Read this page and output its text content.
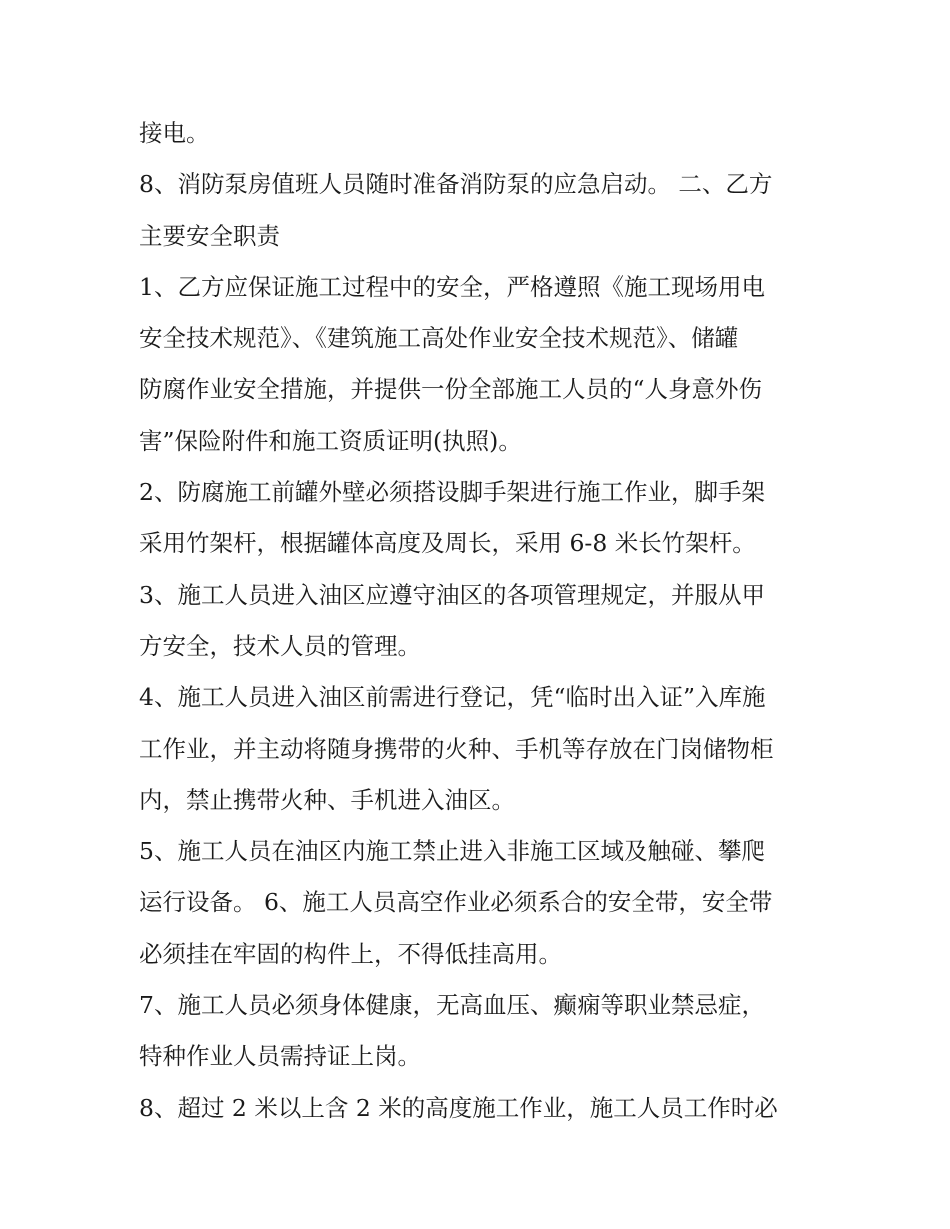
接电。
8、消防泵房值班人员随时准备消防泵的应急启动。 二、乙方
主要安全职责
1、乙方应保证施工过程中的安全，严格遵照《施工现场用电
安全技术规范》、《建筑施工高处作业安全技术规范》、储罐
防腐作业安全措施，并提供一份全部施工人员的“人身意外伤
害”保险附件和施工资质证明(执照)。
2、防腐施工前罐外壁必须搭设脚手架进行施工作业，脚手架
采用竹架杆，根据罐体高度及周长，采用 6-8 米长竹架杆。
3、施工人员进入油区应遵守油区的各项管理规定，并服从甲
方安全，技术人员的管理。
4、施工人员进入油区前需进行登记，凭“临时出入证”入库施
工作业，并主动将随身携带的火种、手机等存放在门岗储物柜
内，禁止携带火种、手机进入油区。
5、施工人员在油区内施工禁止进入非施工区域及触碰、攀爬
运行设备。 6、施工人员高空作业必须系合的安全带，安全带
必须挂在牢固的构件上，不得低挂高用。
7、施工人员必须身体健康，无高血压、癫痫等职业禁忌症，
特种作业人员需持证上岗。
8、超过 2 米以上含 2 米的高度施工作业，施工人员工作时必
